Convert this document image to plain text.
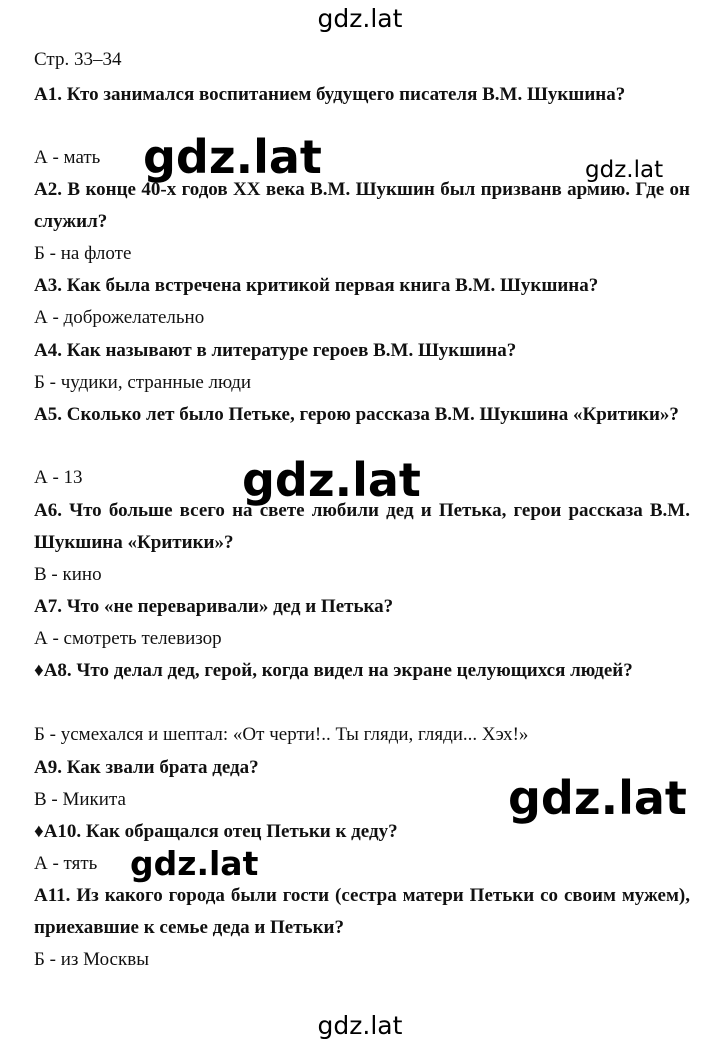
Стр. 33–34
А1. Кто занимался воспитанием будущего писателя В.М. Шукшина?
А - мать
А2. В конце 40-х годов XX века В.М. Шукшин был призванв армию. Где он служил?
Б - на флоте
А3. Как была встречена критикой первая книга В.М. Шукшина?
А - доброжелательно
А4. Как называют в литературе героев В.М. Шукшина?
Б - чудики, странные люди
А5. Сколько лет было Петьке, герою рассказа В.М. Шукшина «Критики»?
А - 13
А6. Что больше всего на свете любили дед и Петька, герои рассказа В.М. Шукшина «Критики»?
В - кино
А7. Что «не переваривали» дед и Петька?
А - смотреть телевизор
♦А8. Что делал дед, герой, когда видел на экране целующихся людей?
Б - усмехался и шептал: «От черти!.. Ты гляди, гляди... Хэх!»
А9. Как звали брата деда?
В - Микита
♦А10. Как обращался отец Петьки к деду?
А - тять
А11. Из какого города были гости (сестра матери Петьки со своим мужем), приехавшие к семье деда и Петьки?
Б - из Москвы
gdz.lat
gdz.lat	gdz.lat
gdz.lat
gdz.lat
gdz.lat
gdz.lat
